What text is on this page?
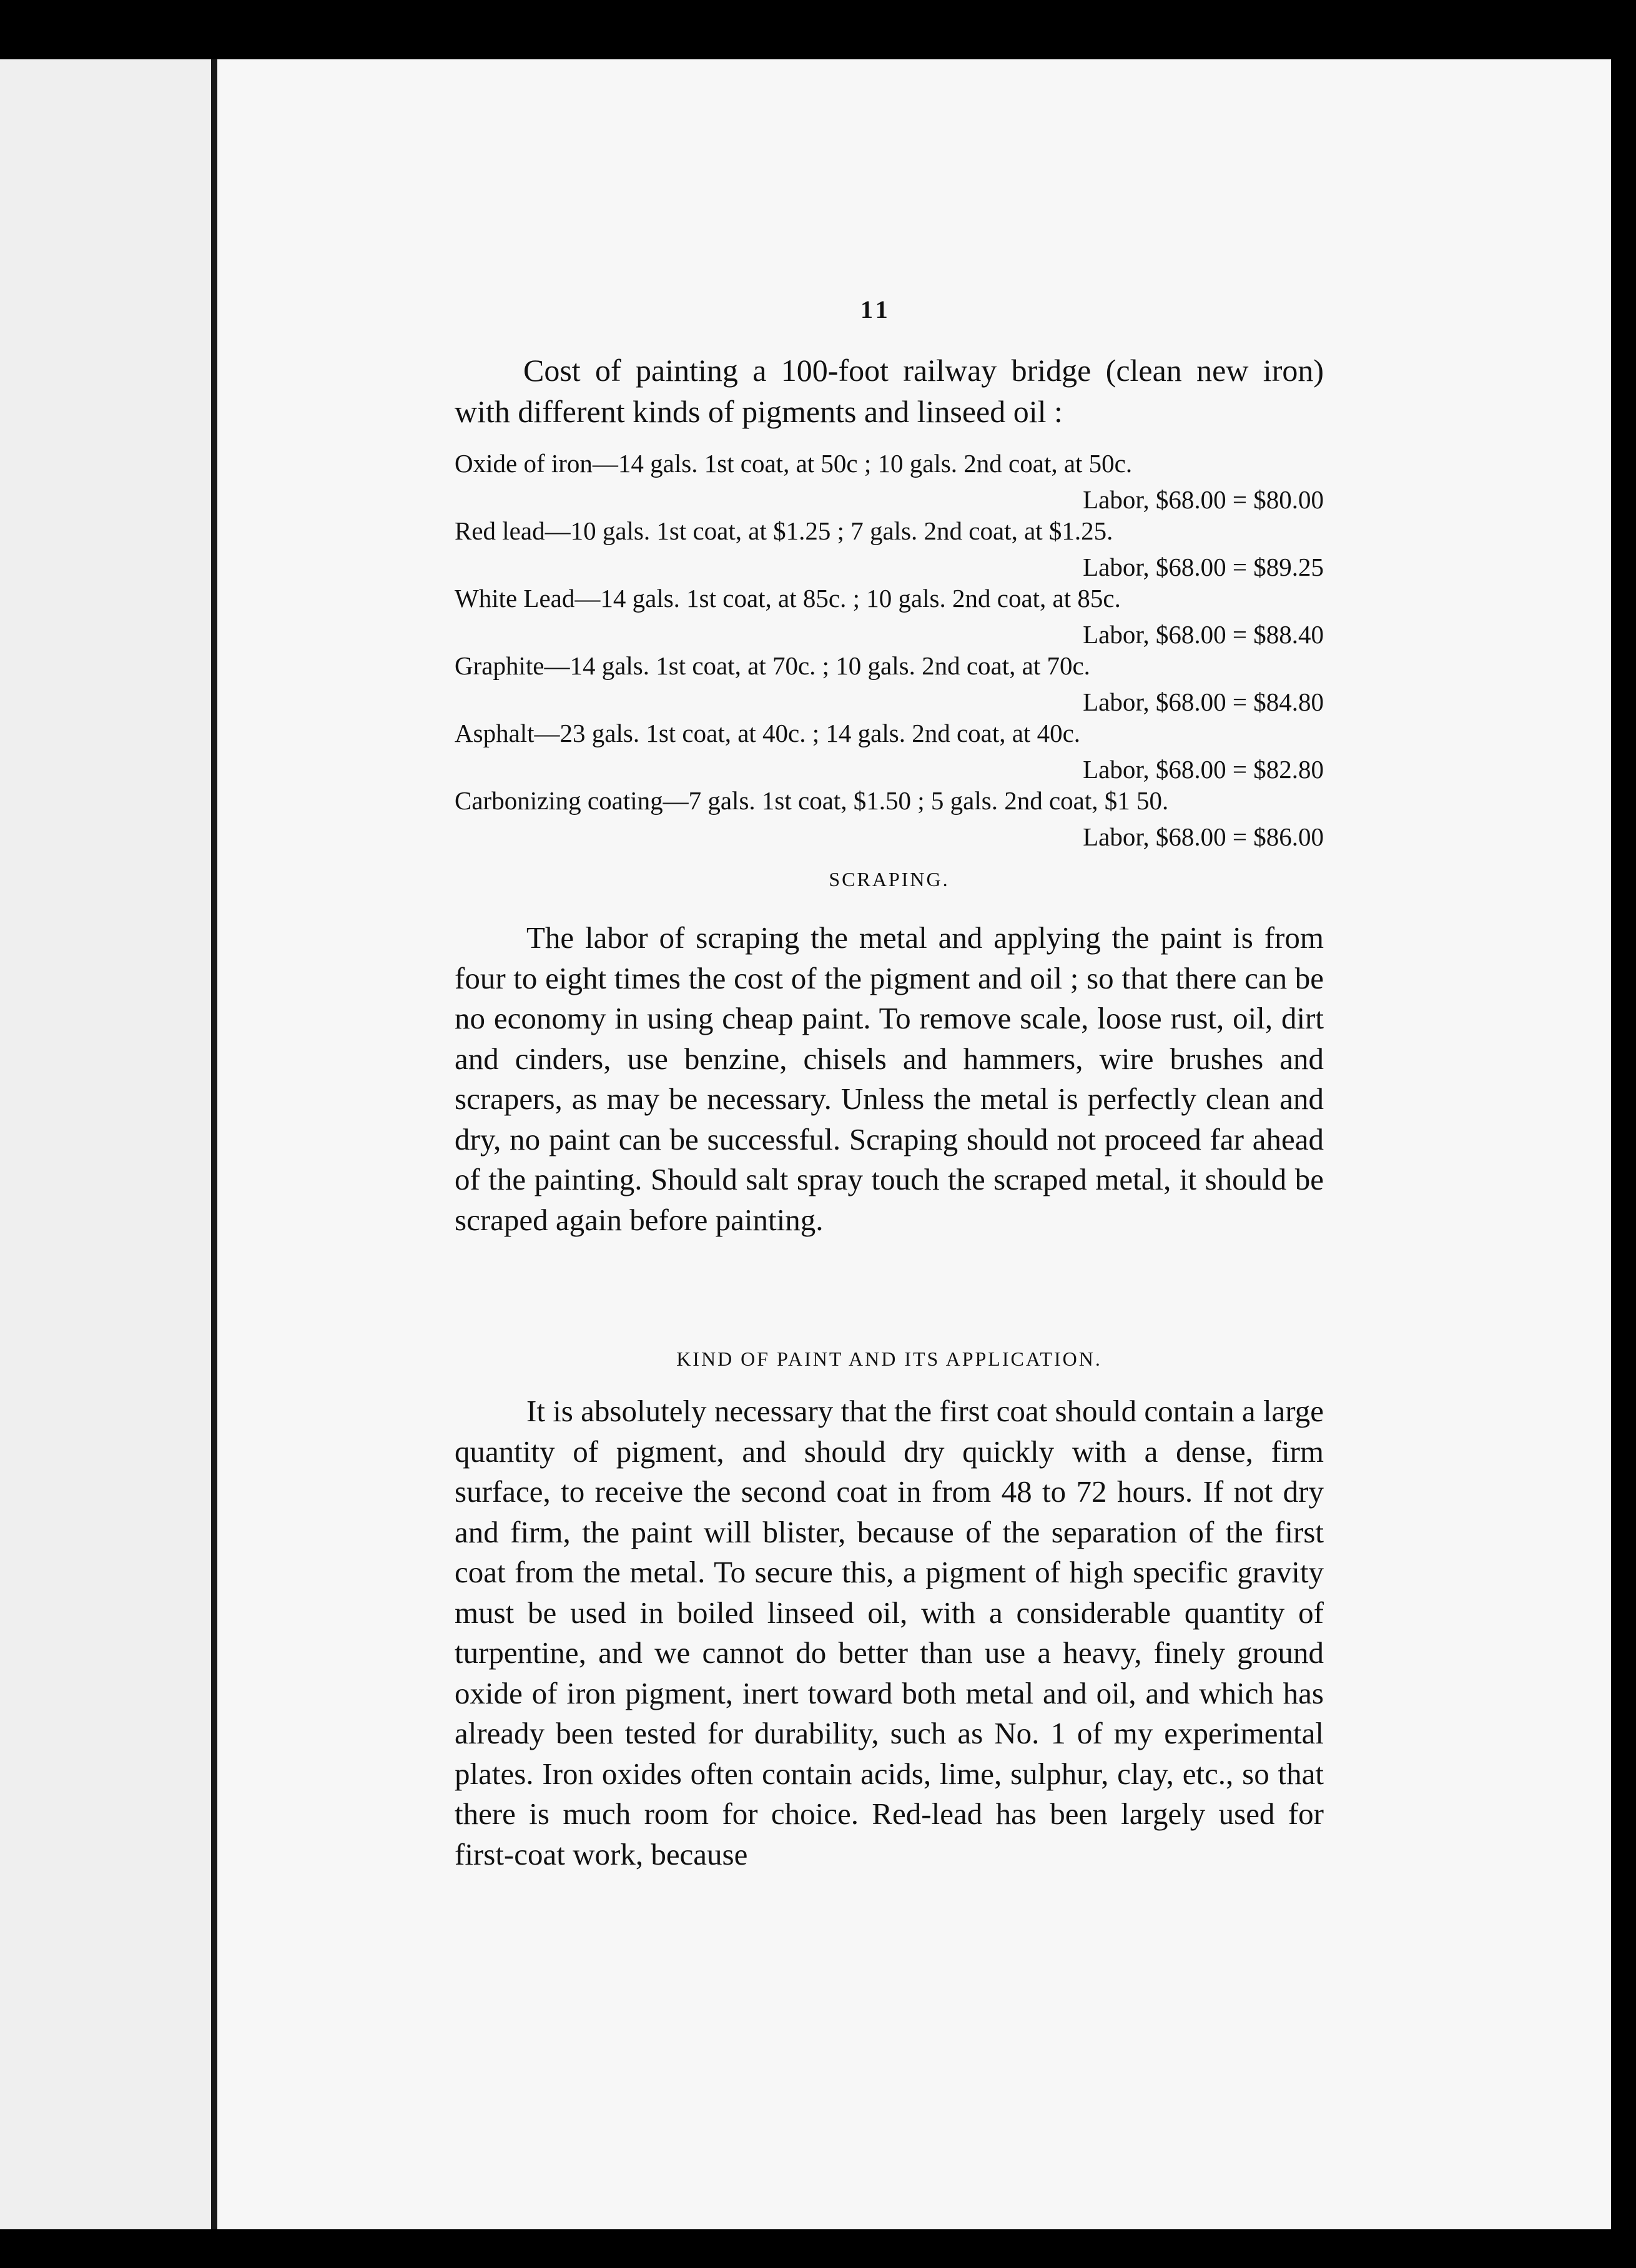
11
Cost of painting a 100-foot railway bridge (clean new iron) with different kinds of pigments and linseed oil :
Oxide of iron—14 gals. 1st coat, at 50c ; 10 gals. 2nd coat, at 50c.
Labor, $68.00 = $80.00
Red lead—10 gals. 1st coat, at $1.25 ; 7 gals. 2nd coat, at $1.25.
Labor, $68.00 = $89.25
White Lead—14 gals. 1st coat, at 85c. ; 10 gals. 2nd coat, at 85c.
Labor, $68.00 = $88.40
Graphite—14 gals. 1st coat, at 70c. ; 10 gals. 2nd coat, at 70c.
Labor, $68.00 = $84.80
Asphalt—23 gals. 1st coat, at 40c. ; 14 gals. 2nd coat, at 40c.
Labor, $68.00 = $82.80
Carbonizing coating—7 gals. 1st coat, $1.50 ; 5 gals. 2nd coat, $1 50.
Labor, $68.00 = $86.00
SCRAPING.
The labor of scraping the metal and applying the paint is from four to eight times the cost of the pigment and oil ; so that there can be no economy in using cheap paint. To remove scale, loose rust, oil, dirt and cinders, use benzine, chisels and hammers, wire brushes and scrapers, as may be necessary. Unless the metal is perfectly clean and dry, no paint can be successful. Scraping should not proceed far ahead of the painting. Should salt spray touch the scraped metal, it should be scraped again before painting.
KIND OF PAINT AND ITS APPLICATION.
It is absolutely necessary that the first coat should contain a large quantity of pigment, and should dry quickly with a dense, firm surface, to receive the second coat in from 48 to 72 hours. If not dry and firm, the paint will blister, because of the separation of the first coat from the metal. To secure this, a pigment of high specific gravity must be used in boiled linseed oil, with a considerable quantity of turpentine, and we cannot do better than use a heavy, finely ground oxide of iron pigment, inert toward both metal and oil, and which has already been tested for durability, such as No. 1 of my experimental plates. Iron oxides often contain acids, lime, sulphur, clay, etc., so that there is much room for choice. Red-lead has been largely used for first-coat work, because
